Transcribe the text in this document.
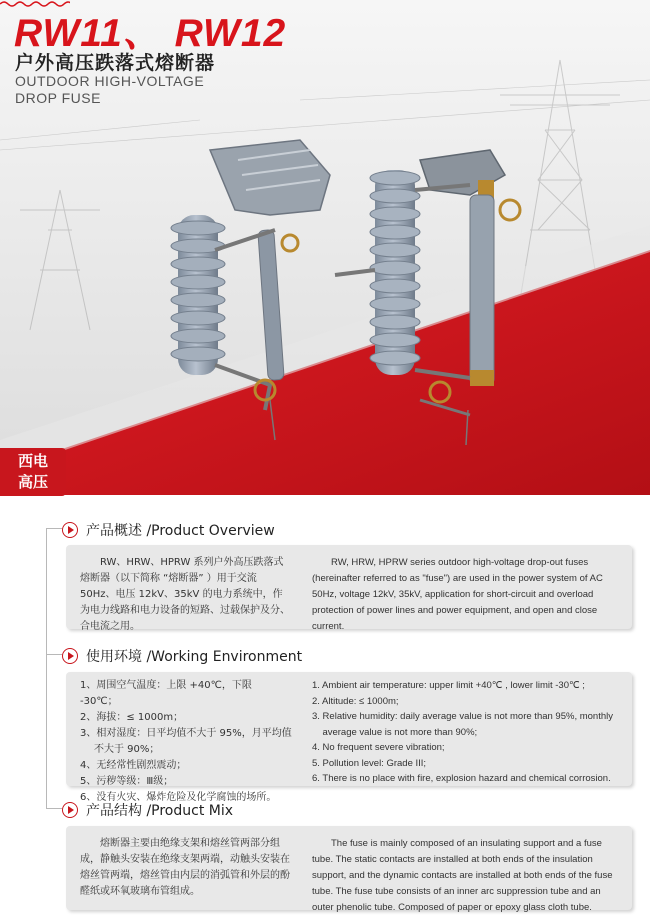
RW11、 RW12
户外高压跌落式熔断器
OUTDOOR HIGH-VOLTAGE
DROP FUSE
西电
高压
产品概述 /Product Overview
RW、HRW、HPRW 系列户外高压跌落式熔断器（以下简称 “熔断器” ）用于交流 50Hz、电压 12kV、35kV 的电力系统中，作为电力线路和电力设备的短路、过载保护及分、合电流之用。
RW, HRW, HPRW series outdoor high-voltage drop-out fuses (hereinafter referred to as "fuse") are used in the power system of AC 50Hz, voltage 12kV, 35kV, application for short-circuit and overload protection of power lines and power equipment, and open and close current.
使用环境 /Working Environment
1、周围空气温度：上限 +40℃，下限 -30℃；
2、海拔：≤ 1000m；
3、相对湿度：日平均值不大于 95%，月平均值不大于 90%；
4、无经常性剧烈震动；
5、污秽等级：Ⅲ级；
6、没有火灾、爆炸危险及化学腐蚀的场所。
1. Ambient air temperature: upper limit +40℃ , lower limit -30℃ ;
2. Altitude: ≤ 1000m;
3. Relative humidity: daily average value is not more than 95%, monthly average value is not more than 90%;
4. No frequent severe vibration;
5. Pollution level: Grade III;
6. There is no place with fire, explosion hazard and chemical corrosion.
产品结构 /Product Mix
熔断器主要由绝缘支架和熔丝管两部分组成，静触头安装在绝缘支架两端，动触头安装在熔丝管两端，熔丝管由内层的消弧管和外层的酚醛纸或环氧玻璃布管组成。
The fuse is mainly composed of an insulating support and a fuse tube. The static contacts are installed at both ends of the insulation support, and the dynamic contacts are installed at both ends of the fuse tube. The fuse tube consists of an inner arc suppression tube and an outer phenolic tube. Composed of paper or epoxy glass cloth tube.
